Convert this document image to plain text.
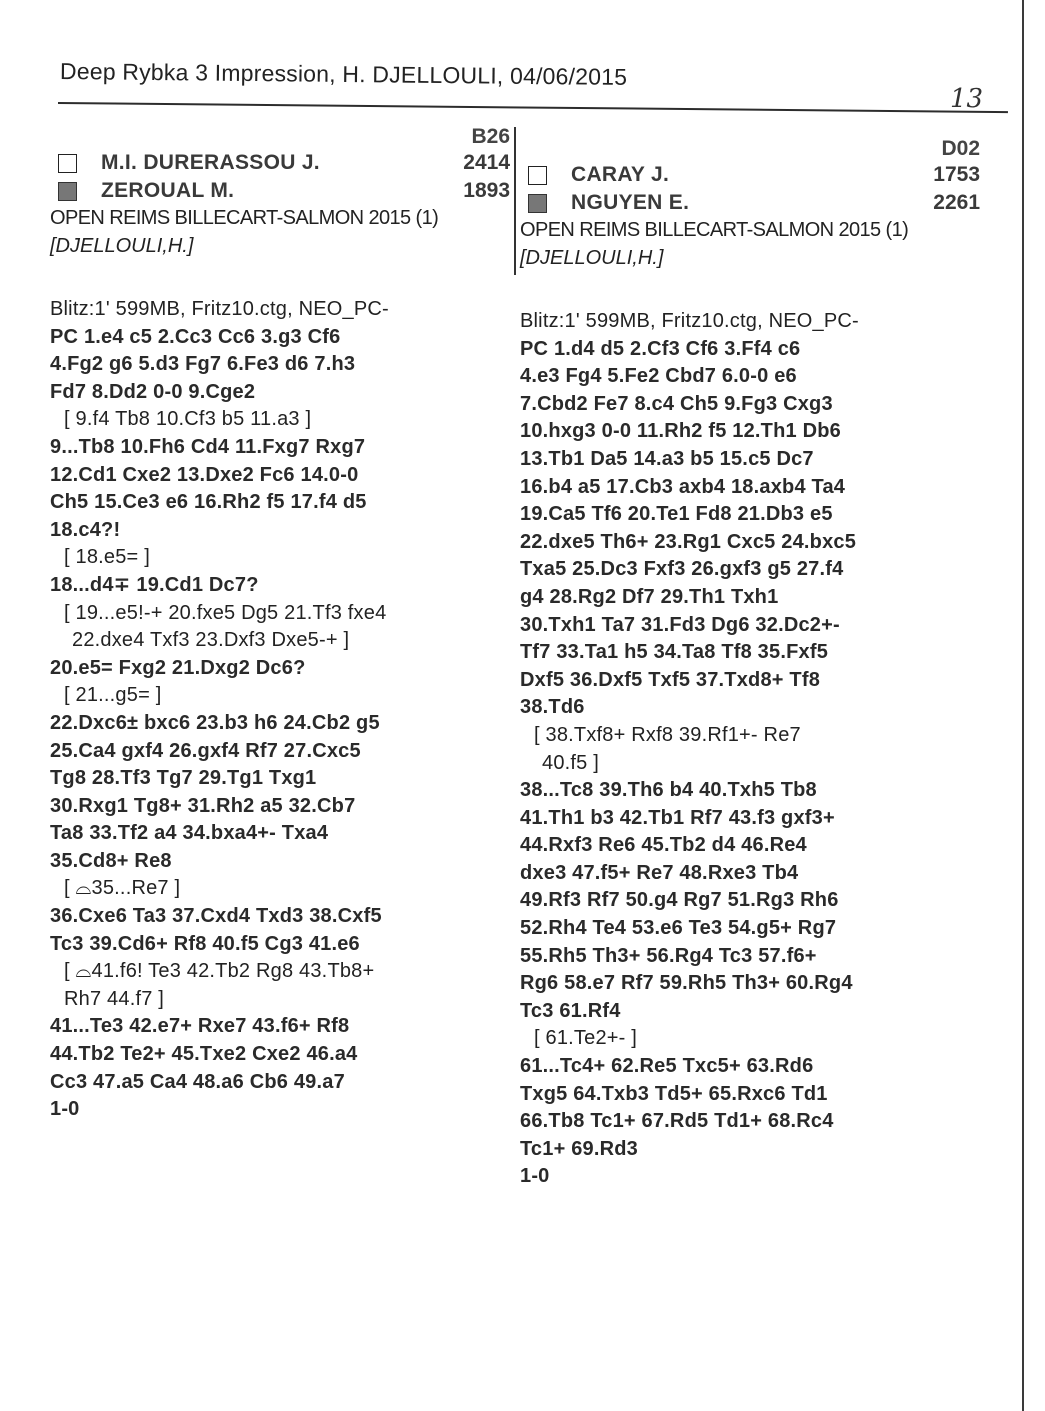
Deep Rybka 3 Impression, H. DJELLOULI, 04/06/2015
13
B26
M.I. DURERASSOU J.	2414
ZEROUAL M.	1893
OPEN REIMS BILLECART-SALMON 2015 (1)
[DJELLOULI,H.]
Blitz:1' 599MB, Fritz10.ctg, NEO_PC-
PC 1.e4 c5 2.Cc3 Cc6 3.g3 Cf6
4.Fg2 g6 5.d3 Fg7 6.Fe3 d6 7.h3
Fd7 8.Dd2 0-0 9.Cge2
[ 9.f4 Tb8 10.Cf3 b5 11.a3 ]
9...Tb8 10.Fh6 Cd4 11.Fxg7 Rxg7
12.Cd1 Cxe2 13.Dxe2 Fc6 14.0-0
Ch5 15.Ce3 e6 16.Rh2 f5 17.f4 d5
18.c4?!
[ 18.e5= ]
18...d4∓ 19.Cd1 Dc7?
[ 19...e5!-+ 20.fxe5 Dg5 21.Tf3 fxe4
22.dxe4 Txf3 23.Dxf3 Dxe5-+ ]
20.e5= Fxg2 21.Dxg2 Dc6?
[ 21...g5= ]
22.Dxc6± bxc6 23.b3 h6 24.Cb2 g5
25.Ca4 gxf4 26.gxf4 Rf7 27.Cxc5
Tg8 28.Tf3 Tg7 29.Tg1 Txg1
30.Rxg1 Tg8+ 31.Rh2 a5 32.Cb7
Ta8 33.Tf2 a4 34.bxa4+- Txa4
35.Cd8+ Re8
[ ⌓35...Re7 ]
36.Cxe6 Ta3 37.Cxd4 Txd3 38.Cxf5
Tc3 39.Cd6+ Rf8 40.f5 Cg3 41.e6
[ ⌓41.f6! Te3 42.Tb2 Rg8 43.Tb8+
Rh7 44.f7 ]
41...Te3 42.e7+ Rxe7 43.f6+ Rf8
44.Tb2 Te2+ 45.Txe2 Cxe2 46.a4
Cc3 47.a5 Ca4 48.a6 Cb6 49.a7
1-0
D02
CARAY J.	1753
NGUYEN E.	2261
OPEN REIMS BILLECART-SALMON 2015 (1)
[DJELLOULI,H.]
Blitz:1' 599MB, Fritz10.ctg, NEO_PC-
PC 1.d4 d5 2.Cf3 Cf6 3.Ff4 c6
4.e3 Fg4 5.Fe2 Cbd7 6.0-0 e6
7.Cbd2 Fe7 8.c4 Ch5 9.Fg3 Cxg3
10.hxg3 0-0 11.Rh2 f5 12.Th1 Db6
13.Tb1 Da5 14.a3 b5 15.c5 Dc7
16.b4 a5 17.Cb3 axb4 18.axb4 Ta4
19.Ca5 Tf6 20.Te1 Fd8 21.Db3 e5
22.dxe5 Th6+ 23.Rg1 Cxc5 24.bxc5
Txa5 25.Dc3 Fxf3 26.gxf3 g5 27.f4
g4 28.Rg2 Df7 29.Th1 Txh1
30.Txh1 Ta7 31.Fd3 Dg6 32.Dc2+-
Tf7 33.Ta1 h5 34.Ta8 Tf8 35.Fxf5
Dxf5 36.Dxf5 Txf5 37.Txd8+ Tf8
38.Td6
[ 38.Txf8+ Rxf8 39.Rf1+- Re7
40.f5 ]
38...Tc8 39.Th6 b4 40.Txh5 Tb8
41.Th1 b3 42.Tb1 Rf7 43.f3 gxf3+
44.Rxf3 Re6 45.Tb2 d4 46.Re4
dxe3 47.f5+ Re7 48.Rxe3 Tb4
49.Rf3 Rf7 50.g4 Rg7 51.Rg3 Rh6
52.Rh4 Te4 53.e6 Te3 54.g5+ Rg7
55.Rh5 Th3+ 56.Rg4 Tc3 57.f6+
Rg6 58.e7 Rf7 59.Rh5 Th3+ 60.Rg4
Tc3 61.Rf4
[ 61.Te2+- ]
61...Tc4+ 62.Re5 Txc5+ 63.Rd6
Txg5 64.Txb3 Td5+ 65.Rxc6 Td1
66.Tb8 Tc1+ 67.Rd5 Td1+ 68.Rc4
Tc1+ 69.Rd3
1-0
